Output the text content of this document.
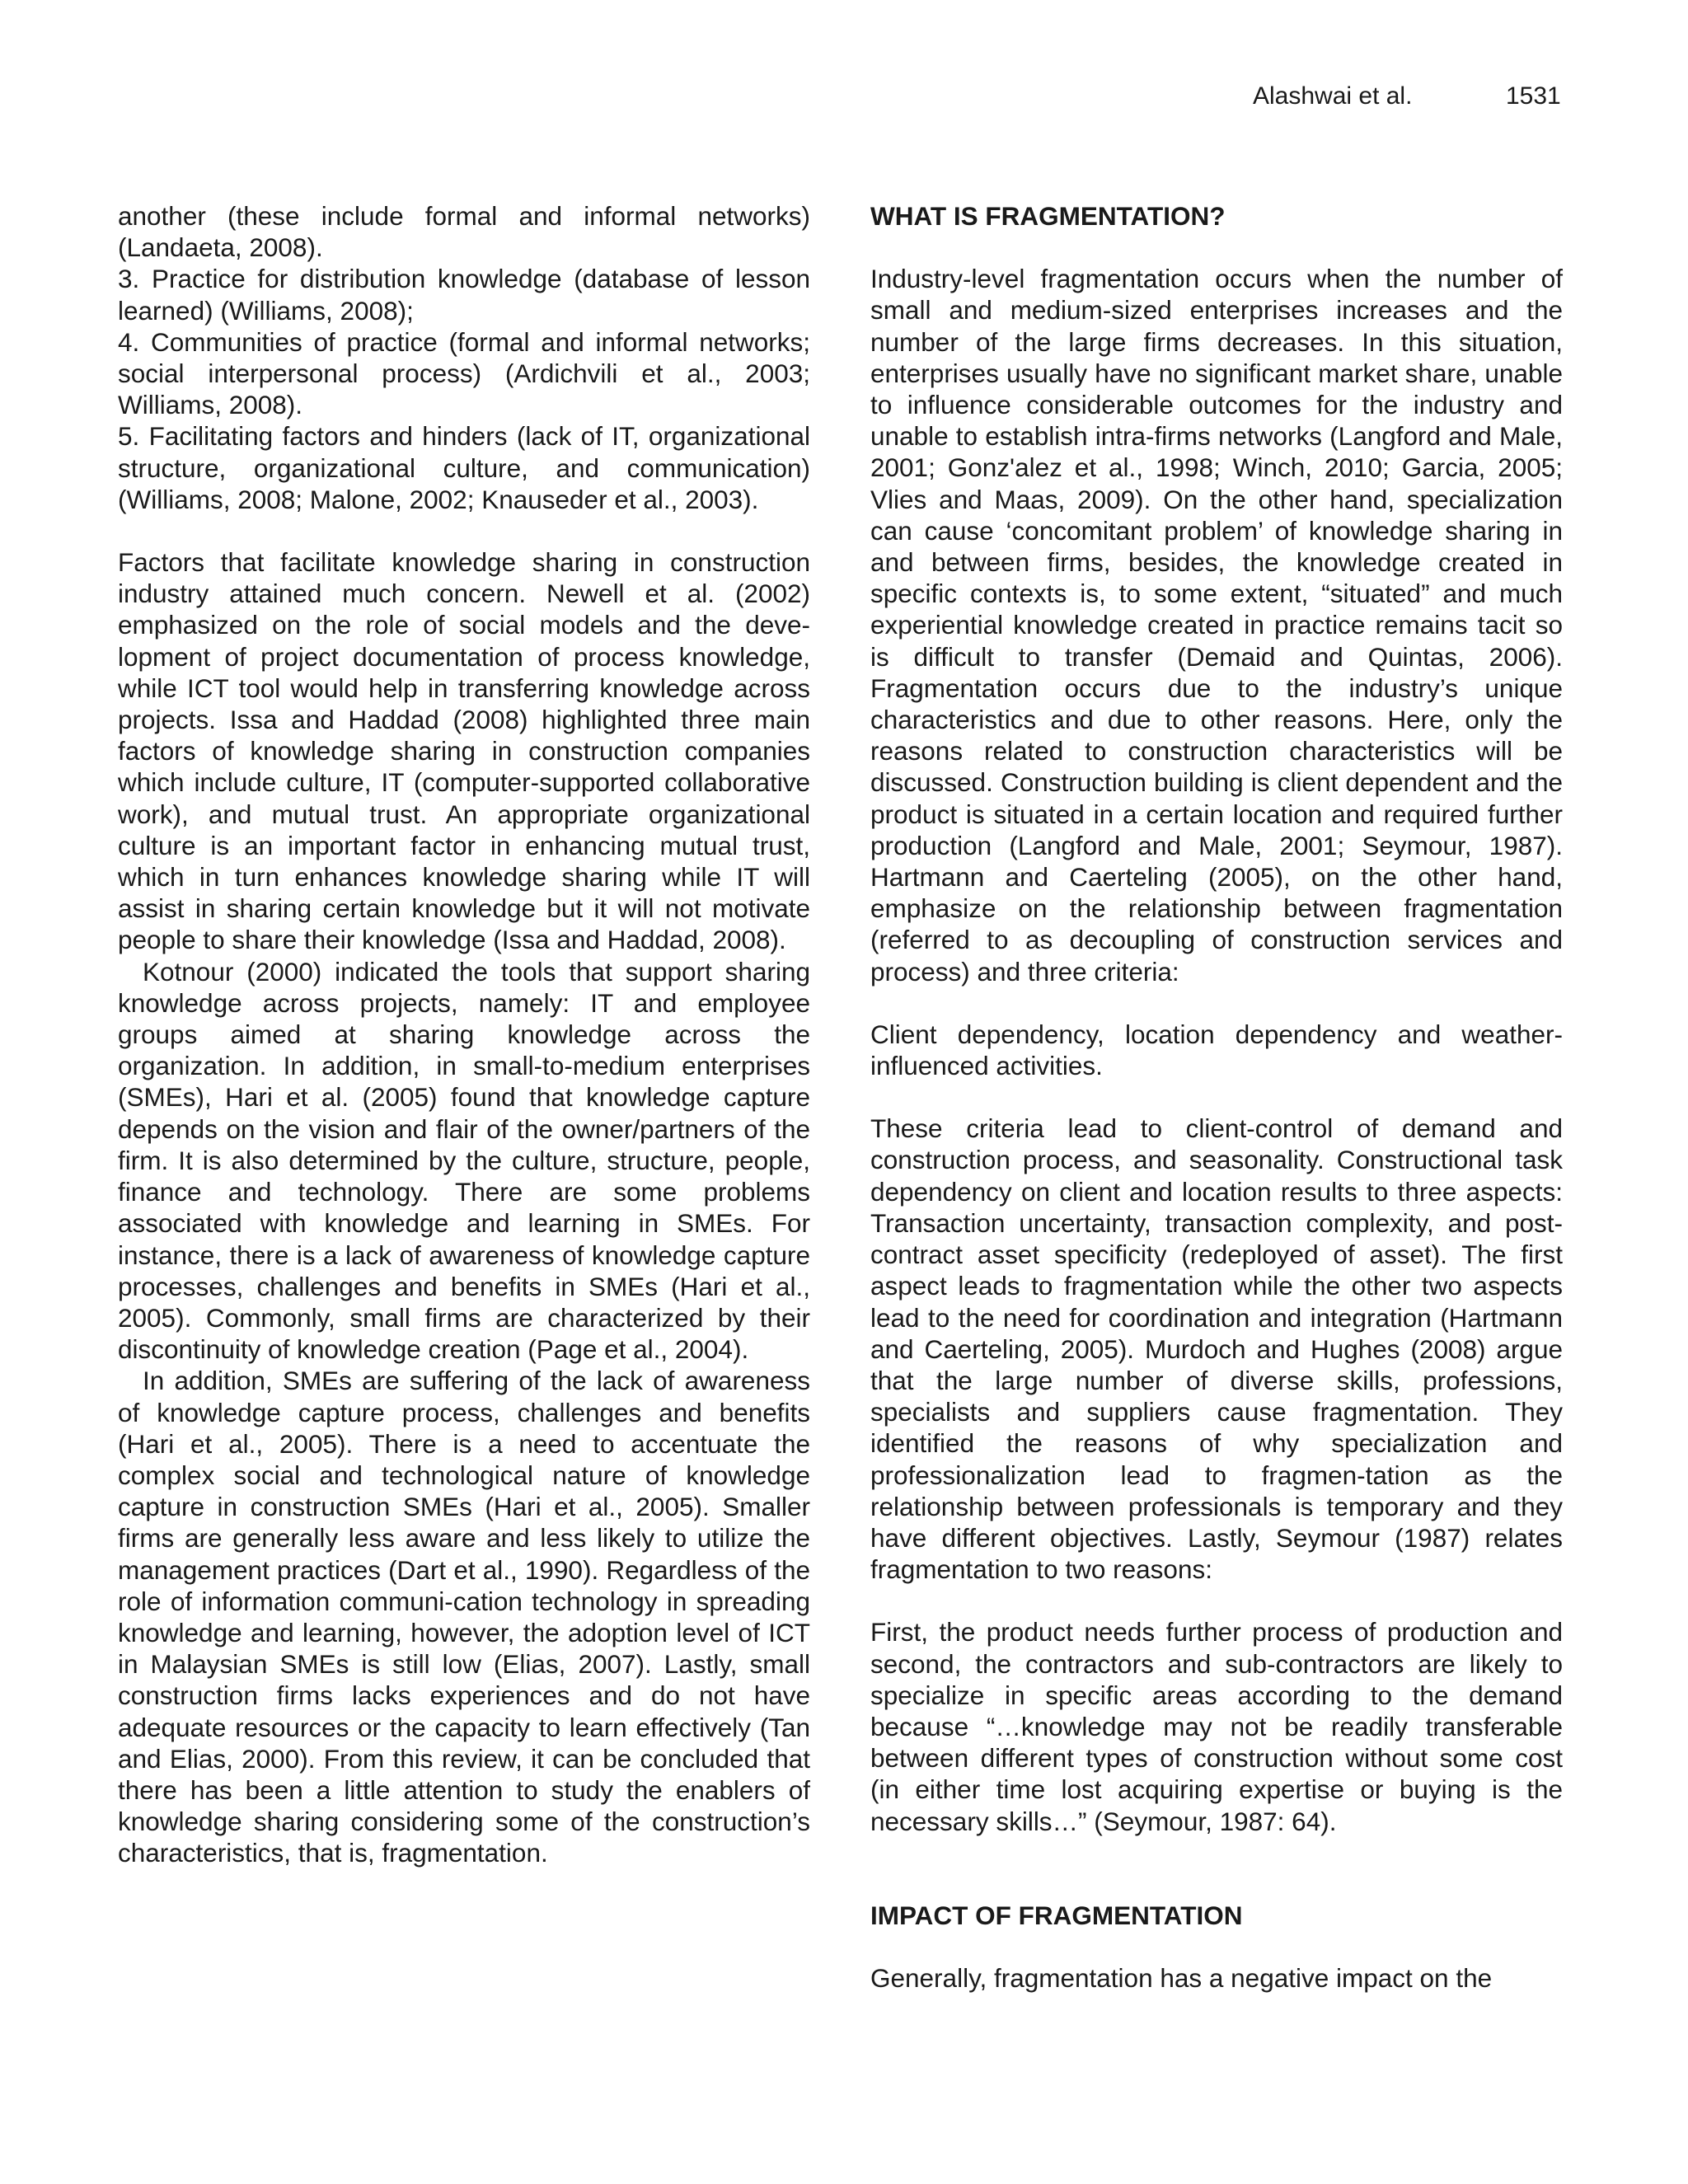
Alashwai et al.	1531

another (these include formal and informal networks) (Landaeta, 2008).

3. Practice for distribution knowledge (database of lesson learned) (Williams, 2008);

4. Communities of practice (formal and informal networks; social interpersonal process) (Ardichvili et al., 2003; Williams, 2008).

5. Facilitating factors and hinders (lack of IT, organizational structure, organizational culture, and communication) (Williams, 2008; Malone, 2002; Knauseder et al., 2003).

Factors that facilitate knowledge sharing in construction industry attained much concern. Newell et al. (2002) emphasized on the role of social models and the deve-lopment of project documentation of process knowledge, while ICT tool would help in transferring knowledge across projects. Issa and Haddad (2008) highlighted three main factors of knowledge sharing in construction companies which include culture, IT (computer-supported collaborative work), and mutual trust. An appropriate organizational culture is an important factor in enhancing mutual trust, which in turn enhances knowledge sharing while IT will assist in sharing certain knowledge but it will not motivate people to share their knowledge (Issa and Haddad, 2008).

Kotnour (2000) indicated the tools that support sharing knowledge across projects, namely: IT and employee groups aimed at sharing knowledge across the organization. In addition, in small-to-medium enterprises (SMEs), Hari et al. (2005) found that knowledge capture depends on the vision and flair of the owner/partners of the firm. It is also determined by the culture, structure, people, finance and technology. There are some problems associated with knowledge and learning in SMEs. For instance, there is a lack of awareness of knowledge capture processes, challenges and benefits in SMEs (Hari et al., 2005). Commonly, small firms are characterized by their discontinuity of knowledge creation (Page et al., 2004).

In addition, SMEs are suffering of the lack of awareness of knowledge capture process, challenges and benefits (Hari et al., 2005). There is a need to accentuate the complex social and technological nature of knowledge capture in construction SMEs (Hari et al., 2005). Smaller firms are generally less aware and less likely to utilize the management practices (Dart et al., 1990). Regardless of the role of information communi-cation technology in spreading knowledge and learning, however, the adoption level of ICT in Malaysian SMEs is still low (Elias, 2007). Lastly, small construction firms lacks experiences and do not have adequate resources or the capacity to learn effectively (Tan and Elias, 2000). From this review, it can be concluded that there has been a little attention to study the enablers of knowledge sharing considering some of the construction’s characteristics, that is, fragmentation.

WHAT IS FRAGMENTATION?

Industry-level fragmentation occurs when the number of small and medium-sized enterprises increases and the number of the large firms decreases. In this situation, enterprises usually have no significant market share, unable to influence considerable outcomes for the industry and unable to establish intra-firms networks (Langford and Male, 2001; Gonz'alez et al., 1998; Winch, 2010; Garcia, 2005; Vlies and Maas, 2009). On the other hand, specialization can cause ‘concomitant problem’ of knowledge sharing in and between firms, besides, the knowledge created in specific contexts is, to some extent, “situated” and much experiential knowledge created in practice remains tacit so is difficult to transfer (Demaid and Quintas, 2006). Fragmentation occurs due to the industry’s unique characteristics and due to other reasons. Here, only the reasons related to construction characteristics will be discussed. Construction building is client dependent and the product is situated in a certain location and required further production (Langford and Male, 2001; Seymour, 1987). Hartmann and Caerteling (2005), on the other hand, emphasize on the relationship between fragmentation (referred to as decoupling of construction services and process) and three criteria:

Client dependency, location dependency and weather-influenced activities.

These criteria lead to client-control of demand and construction process, and seasonality. Constructional task dependency on client and location results to three aspects: Transaction uncertainty, transaction complexity, and post-contract asset specificity (redeployed of asset). The first aspect leads to fragmentation while the other two aspects lead to the need for coordination and integration (Hartmann and Caerteling, 2005). Murdoch and Hughes (2008) argue that the large number of diverse skills, professions, specialists and suppliers cause fragmentation. They identified the reasons of why specialization and professionalization lead to fragmen-tation as the relationship between professionals is temporary and they have different objectives. Lastly, Seymour (1987) relates fragmentation to two reasons:

First, the product needs further process of production and second, the contractors and sub-contractors are likely to specialize in specific areas according to the demand because “…knowledge may not be readily transferable between different types of construction without some cost (in either time lost acquiring expertise or buying is the necessary skills…” (Seymour, 1987: 64).

IMPACT OF FRAGMENTATION

Generally, fragmentation has a negative impact on the
